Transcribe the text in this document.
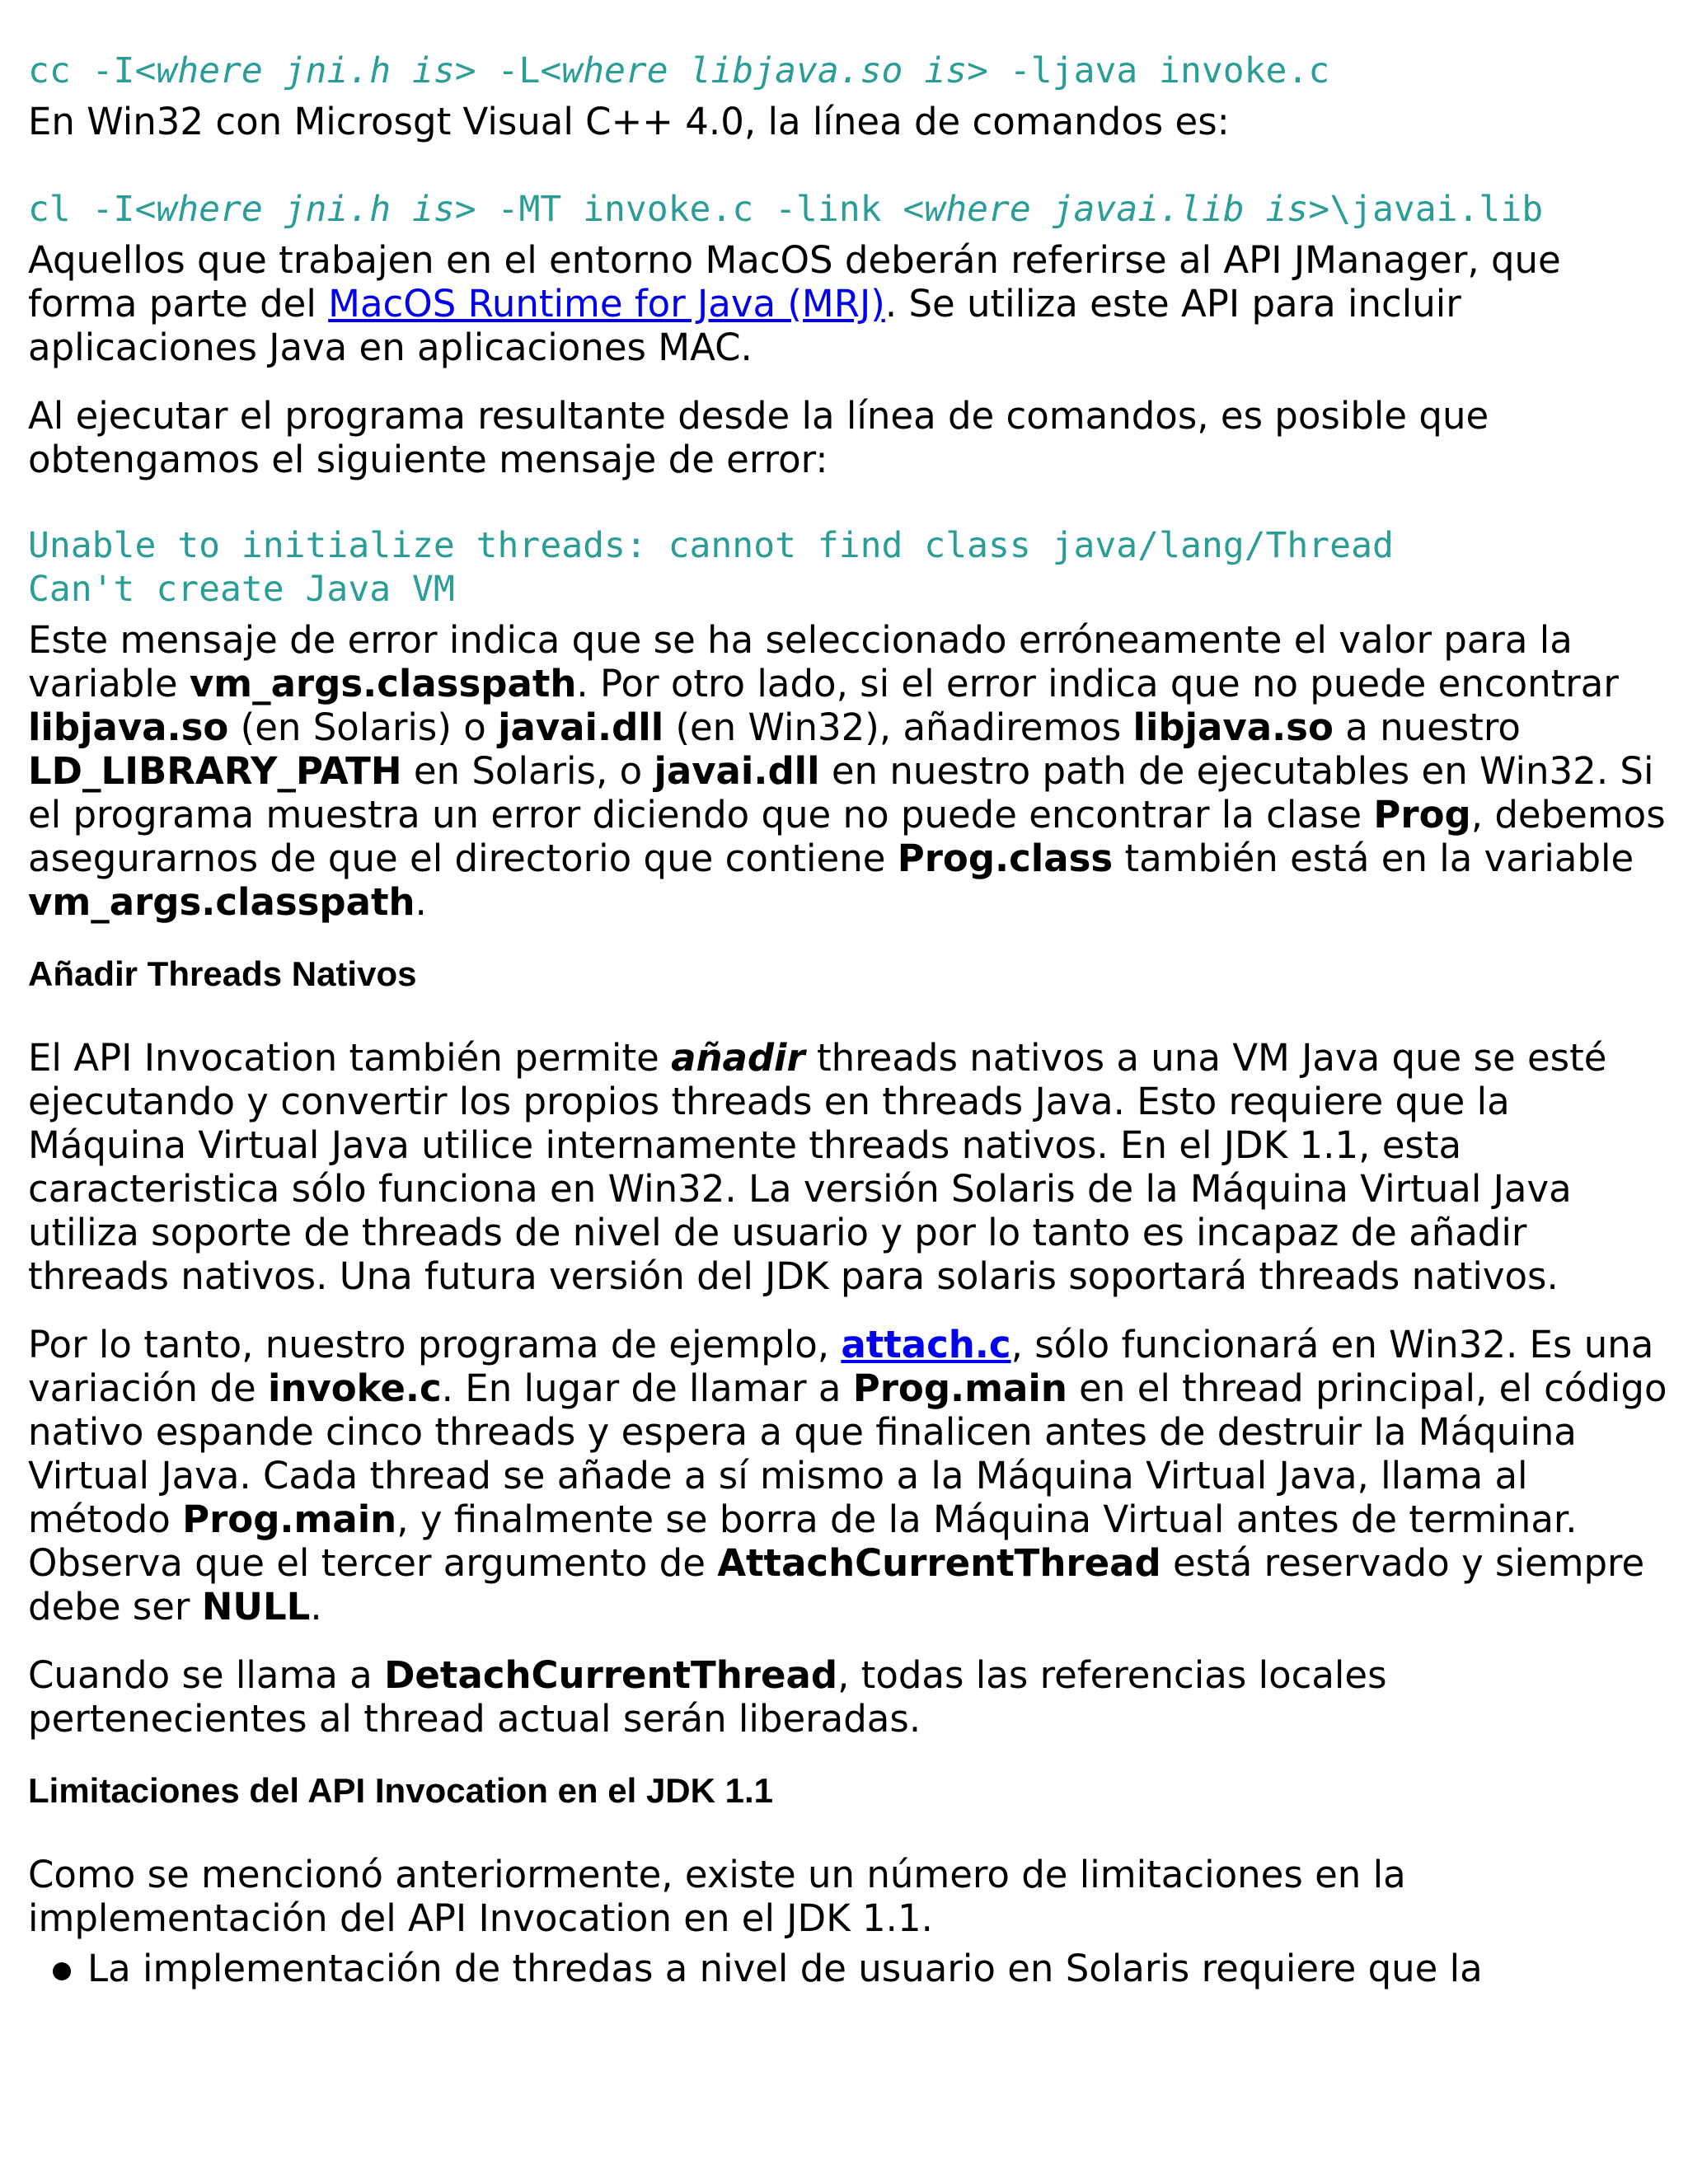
cc -I<where jni.h is> -L<where libjava.so is> -ljava invoke.c

En Win32 con Microsgt Visual C++ 4.0, la línea de comandos es:

cl -I<where jni.h is> -MT invoke.c -link <where javai.lib is>\javai.lib

Aquellos que trabajen en el entorno MacOS deberán referirse al API JManager, que forma parte del MacOS Runtime for Java (MRJ). Se utiliza este API para incluir aplicaciones Java en aplicaciones MAC.

Al ejecutar el programa resultante desde la línea de comandos, es posible que obtengamos el siguiente mensaje de error:

Unable to initialize threads: cannot find class java/lang/Thread
Can't create Java VM

Este mensaje de error indica que se ha seleccionado erróneamente el valor para la variable vm_args.classpath. Por otro lado, si el error indica que no puede encontrar libjava.so (en Solaris) o javai.dll (en Win32), añadiremos libjava.so a nuestro LD_LIBRARY_PATH en Solaris, o javai.dll en nuestro path de ejecutables en Win32. Si el programa muestra un error diciendo que no puede encontrar la clase Prog, debemos asegurarnos de que el directorio que contiene Prog.class también está en la variable vm_args.classpath.

Añadir Threads Nativos

El API Invocation también permite añadir threads nativos a una VM Java que se esté ejecutando y convertir los propios threads en threads Java. Esto requiere que la Máquina Virtual Java utilice internamente threads nativos. En el JDK 1.1, esta caracteristica sólo funciona en Win32. La versión Solaris de la Máquina Virtual Java utiliza soporte de threads de nivel de usuario y por lo tanto es incapaz de añadir threads nativos. Una futura versión del JDK para solaris soportará threads nativos.

Por lo tanto, nuestro programa de ejemplo, attach.c, sólo funcionará en Win32. Es una variación de invoke.c. En lugar de llamar a Prog.main en el thread principal, el código nativo espande cinco threads y espera a que finalicen antes de destruir la Máquina Virtual Java. Cada thread se añade a sí mismo a la Máquina Virtual Java, llama al método Prog.main, y finalmente se borra de la Máquina Virtual antes de terminar. Observa que el tercer argumento de AttachCurrentThread está reservado y siempre debe ser NULL.

Cuando se llama a DetachCurrentThread, todas las referencias locales pertenecientes al thread actual serán liberadas.

Limitaciones del API Invocation en el JDK 1.1

Como se mencionó anteriormente, existe un número de limitaciones en la implementación del API Invocation en el JDK 1.1.

La implementación de thredas a nivel de usuario en Solaris requiere que la
